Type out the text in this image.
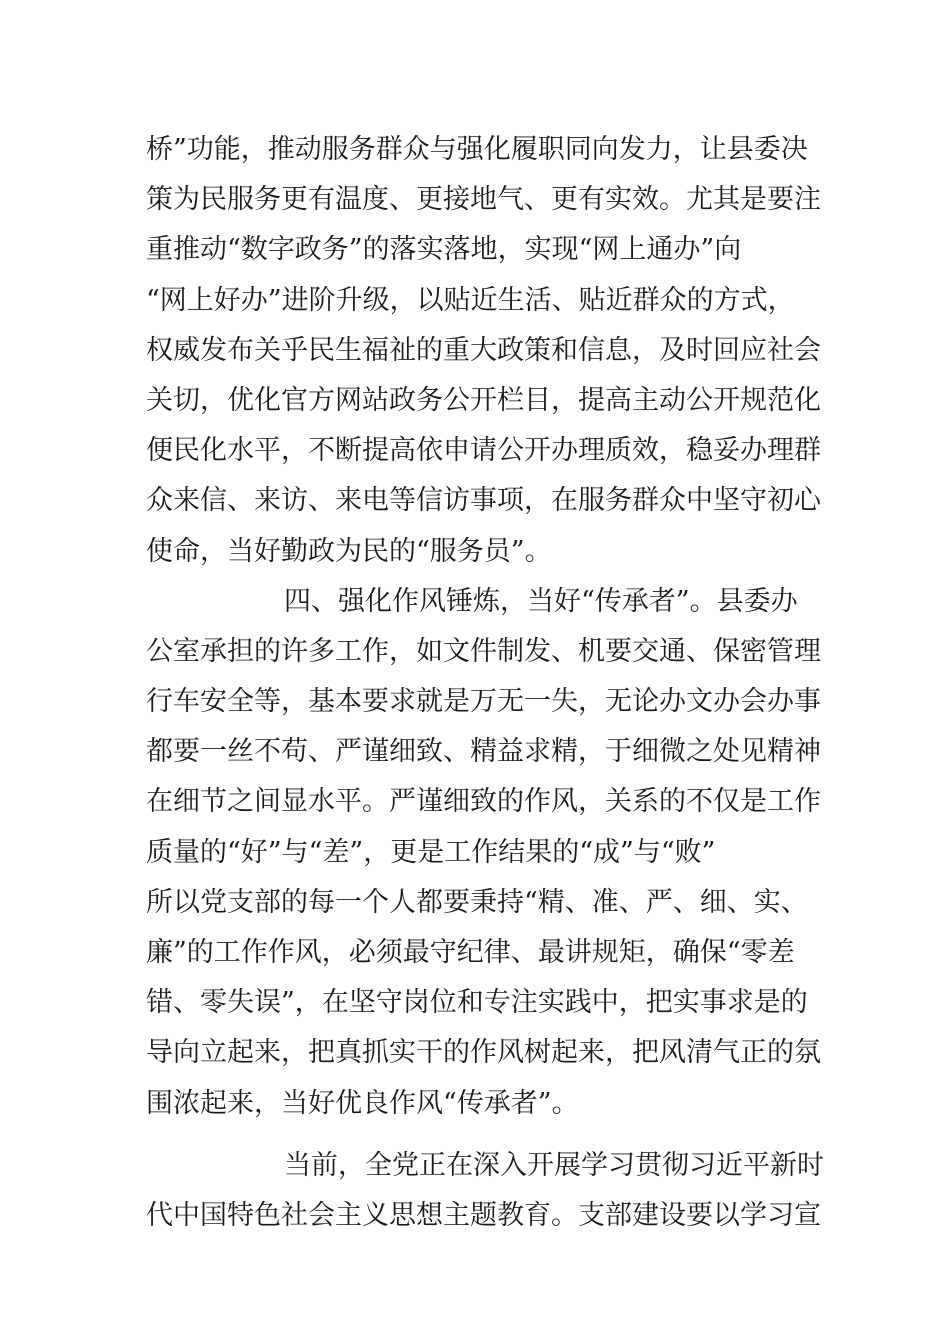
桥”功能，推动服务群众与强化履职同向发力，让县委决
策为民服务更有温度、更接地气、更有实效。尤其是要注
重推动“数字政务”的落实落地，实现“网上通办”向
“网上好办”进阶升级，以贴近生活、贴近群众的方式，
权威发布关乎民生福祉的重大政策和信息，及时回应社会
关切，优化官方网站政务公开栏目，提高主动公开规范化
便民化水平，不断提高依申请公开办理质效，稳妥办理群
众来信、来访、来电等信访事项，在服务群众中坚守初心
使命，当好勤政为民的“服务员”。
四、强化作风锤炼，当好“传承者”。县委办
公室承担的许多工作，如文件制发、机要交通、保密管理
行车安全等，基本要求就是万无一失，无论办文办会办事
都要一丝不苟、严谨细致、精益求精，于细微之处见精神
在细节之间显水平。严谨细致的作风，关系的不仅是工作
质量的“好”与“差”，更是工作结果的“成”与“败”
所以党支部的每一个人都要秉持“精、准、严、细、实、
廉”的工作作风，必须最守纪律、最讲规矩，确保“零差
错、零失误”，在坚守岗位和专注实践中，把实事求是的
导向立起来，把真抓实干的作风树起来，把风清气正的氛
围浓起来，当好优良作风“传承者”。
当前，全党正在深入开展学习贯彻习近平新时
代中国特色社会主义思想主题教育。支部建设要以学习宣
